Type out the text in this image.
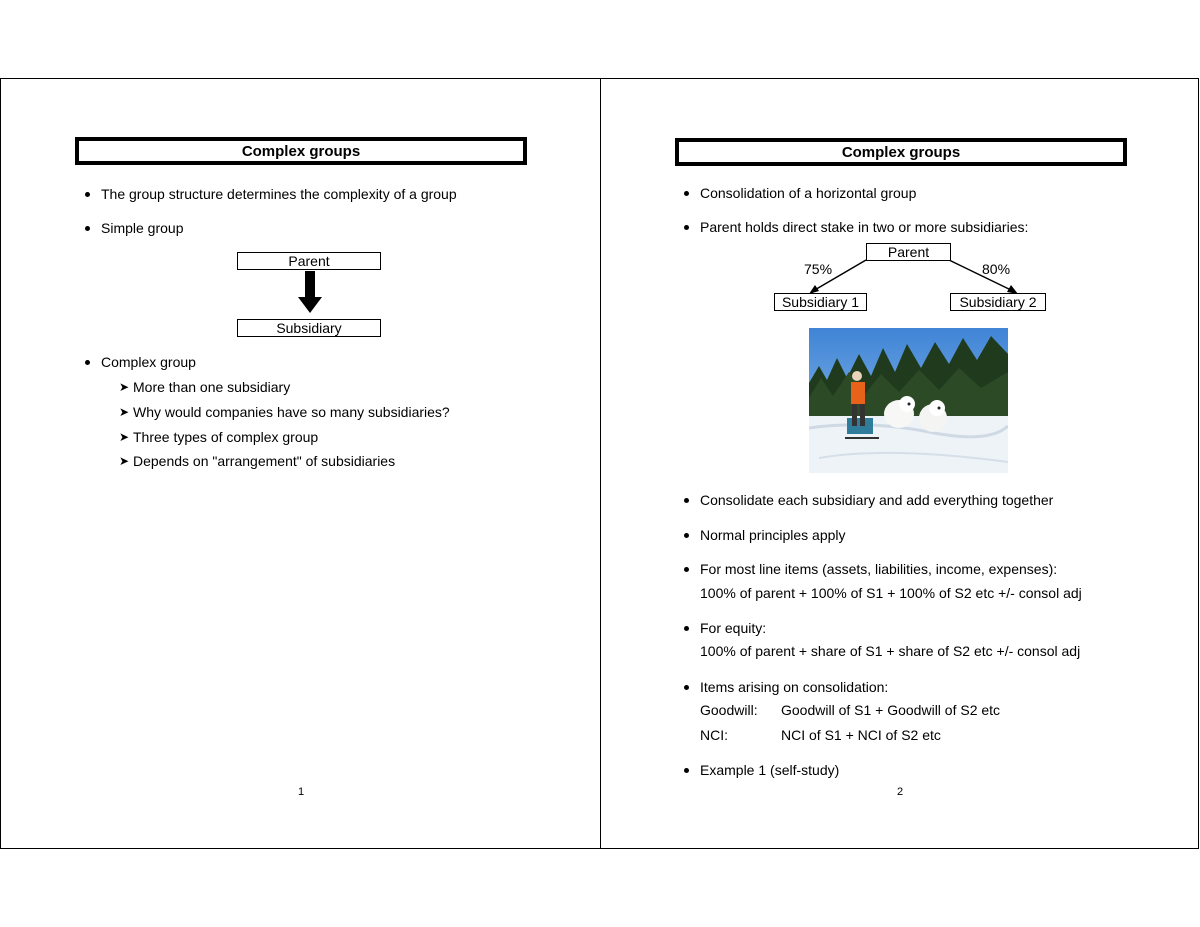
Complex groups
The group structure determines the complexity of a group
Simple group
Parent
Subsidiary
Complex group
➤ More than one subsidiary
➤ Why would companies have so many subsidiaries?
➤ Three types of complex group
➤ Depends on "arrangement" of subsidiaries
1
Complex groups
Consolidation of a horizontal group
Parent holds direct stake in two or more subsidiaries:
Parent
75%	80%
Subsidiary 1	Subsidiary 2
Consolidate each subsidiary and add everything together
Normal principles apply
For most line items (assets, liabilities, income, expenses):
100% of parent + 100% of S1 + 100% of S2 etc +/- consol adj
For equity:
100% of parent + share of S1 + share of S2 etc +/- consol adj
Items arising on consolidation:
Goodwill: Goodwill of S1 + Goodwill of S2 etc
NCI:	NCI of S1 + NCI of S2 etc
Example 1 (self-study)
2
